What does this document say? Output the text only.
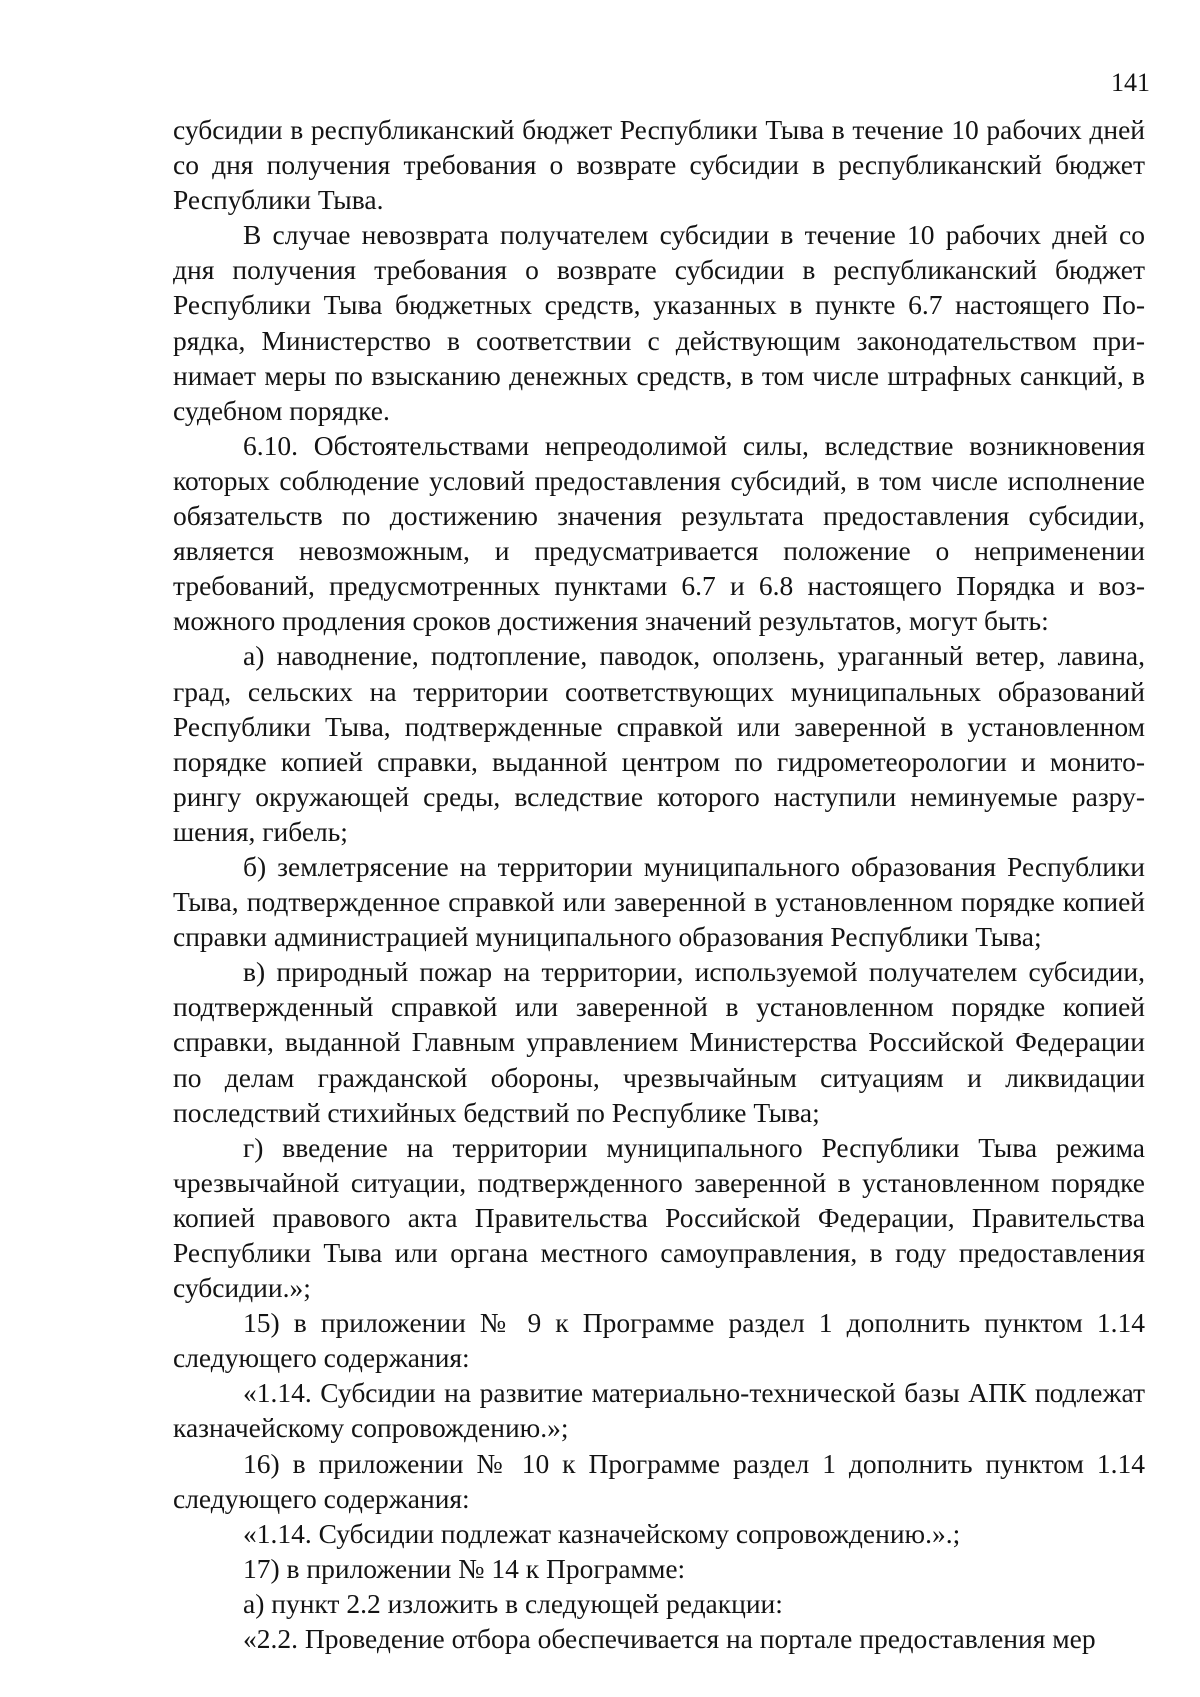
141

субсидии в республиканский бюджет Республики Тыва в течение 10 рабочих дней со дня получения требования о возврате субсидии в республиканский бюджет Республики Тыва.

В случае невозврата получателем субсидии в течение 10 рабочих дней со дня получения требования о возврате субсидии в республиканский бюджет Республики Тыва бюджетных средств, указанных в пункте 6.7 настоящего Порядка, Министерство в соответствии с действующим законодательством принимает меры по взысканию денежных средств, в том числе штрафных санкций, в судебном порядке.

6.10. Обстоятельствами непреодолимой силы, вследствие возникновения которых соблюдение условий предоставления субсидий, в том числе исполнение обязательств по достижению значения результата предоставления субсидии, является невозможным, и предусматривается положение о неприменении требований, предусмотренных пунктами 6.7 и 6.8 настоящего Порядка и возможного продления сроков достижения значений результатов, могут быть:

а) наводнение, подтопление, паводок, оползень, ураганный ветер, лавина, град, сельских на территории соответствующих муниципальных образований Республики Тыва, подтвержденные справкой или заверенной в установленном порядке копией справки, выданной центром по гидрометеорологии и мониторингу окружающей среды, вследствие которого наступили неминуемые разрушения, гибель;

б) землетрясение на территории муниципального образования Республики Тыва, подтвержденное справкой или заверенной в установленном порядке копией справки администрацией муниципального образования Республики Тыва;

в) природный пожар на территории, используемой получателем субсидии, подтвержденный справкой или заверенной в установленном порядке копией справки, выданной Главным управлением Министерства Российской Федерации по делам гражданской обороны, чрезвычайным ситуациям и ликвидации последствий стихийных бедствий по Республике Тыва;

г) введение на территории муниципального Республики Тыва режима чрезвычайной ситуации, подтвержденного заверенной в установленном порядке копией правового акта Правительства Российской Федерации, Правительства Республики Тыва или органа местного самоуправления, в году предоставления субсидии.»;

15) в приложении № 9 к Программе раздел 1 дополнить пунктом 1.14 следующего содержания:

«1.14. Субсидии на развитие материально-технической базы АПК подлежат казначейскому сопровождению.»;

16) в приложении № 10 к Программе раздел 1 дополнить пунктом 1.14 следующего содержания:

«1.14. Субсидии подлежат казначейскому сопровождению.».;

17) в приложении № 14 к Программе:

а) пункт 2.2 изложить в следующей редакции:

«2.2. Проведение отбора обеспечивается на портале предоставления мер
